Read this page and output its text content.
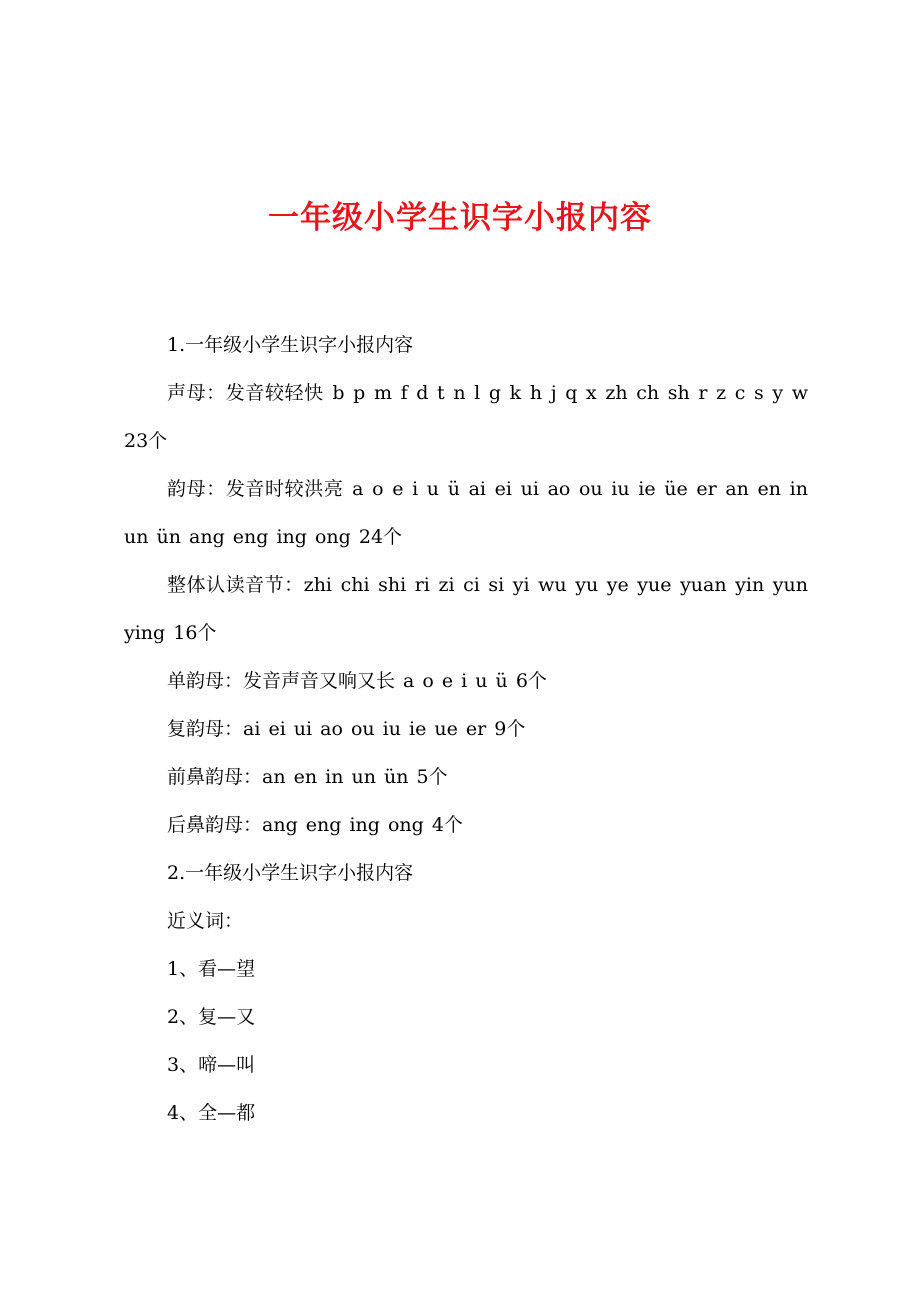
一年级小学生识字小报内容

1.一年级小学生识字小报内容

声母：发音较轻快 b p m f d t n l g k h j q x zh ch sh r z c s y w 23个

韵母：发音时较洪亮 a o e i u ü ai ei ui ao ou iu ie üe er an en in un ün ang eng ing ong 24个

整体认读音节：zhi chi shi ri zi ci si yi wu yu ye yue yuan yin yun ying 16个

单韵母：发音声音又响又长 a o e i u ü 6个

复韵母：ai ei ui ao ou iu ie ue er 9个

前鼻韵母：an en in un ün 5个

后鼻韵母：ang eng ing ong 4个

2.一年级小学生识字小报内容

近义词：

1、看—望

2、复—又

3、啼—叫

4、全—都
